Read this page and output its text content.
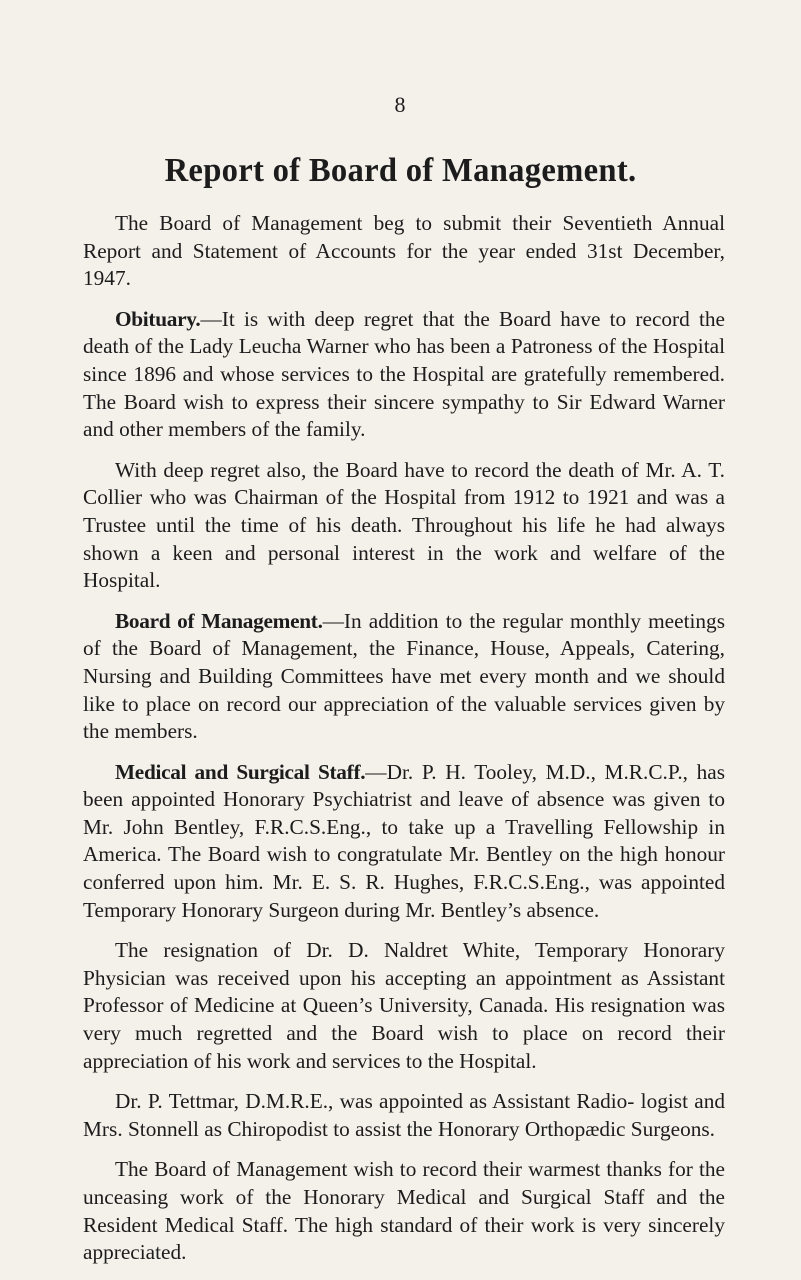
8
Report of Board of Management.

The Board of Management beg to submit their Seventieth Annual Report and Statement of Accounts for the year ended 31st December, 1947.

Obituary.—It is with deep regret that the Board have to record the death of the Lady Leucha Warner who has been a Patroness of the Hospital since 1896 and whose services to the Hospital are gratefully remembered. The Board wish to express their sincere sympathy to Sir Edward Warner and other members of the family.

With deep regret also, the Board have to record the death of Mr. A. T. Collier who was Chairman of the Hospital from 1912 to 1921 and was a Trustee until the time of his death. Throughout his life he had always shown a keen and personal interest in the work and welfare of the Hospital.

Board of Management.—In addition to the regular monthly meetings of the Board of Management, the Finance, House, Appeals, Catering, Nursing and Building Committees have met every month and we should like to place on record our appreciation of the valuable services given by the members.

Medical and Surgical Staff.—Dr. P. H. Tooley, M.D., M.R.C.P., has been appointed Honorary Psychiatrist and leave of absence was given to Mr. John Bentley, F.R.C.S.Eng., to take up a Travelling Fellowship in America. The Board wish to congratulate Mr. Bentley on the high honour conferred upon him. Mr. E. S. R. Hughes, F.R.C.S.Eng., was appointed Temporary Honorary Surgeon during Mr. Bentley’s absence.

The resignation of Dr. D. Naldret White, Temporary Honorary Physician was received upon his accepting an appointment as Assistant Professor of Medicine at Queen’s University, Canada. His resignation was very much regretted and the Board wish to place on record their appreciation of his work and services to the Hospital.

Dr. P. Tettmar, D.M.R.E., was appointed as Assistant Radio- logist and Mrs. Stonnell as Chiropodist to assist the Honorary Orthopædic Surgeons.

The Board of Management wish to record their warmest thanks for the unceasing work of the Honorary Medical and Surgical Staff and the Resident Medical Staff. The high standard of their work is very sincerely appreciated.
